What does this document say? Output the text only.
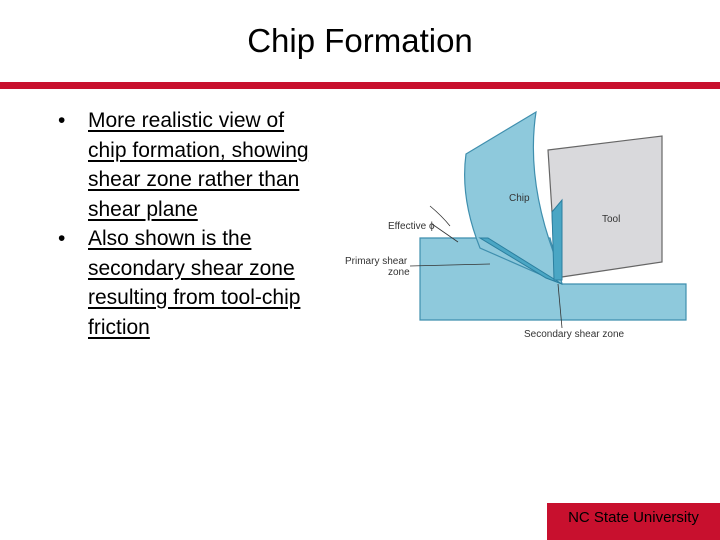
Chip Formation
• More realistic view of chip formation, showing shear zone rather than shear plane
• Also shown is the secondary shear zone resulting from tool‑chip friction
Chip
Tool
Effective ϕ
Primary shear
zone
Secondary shear zone
NC State University
